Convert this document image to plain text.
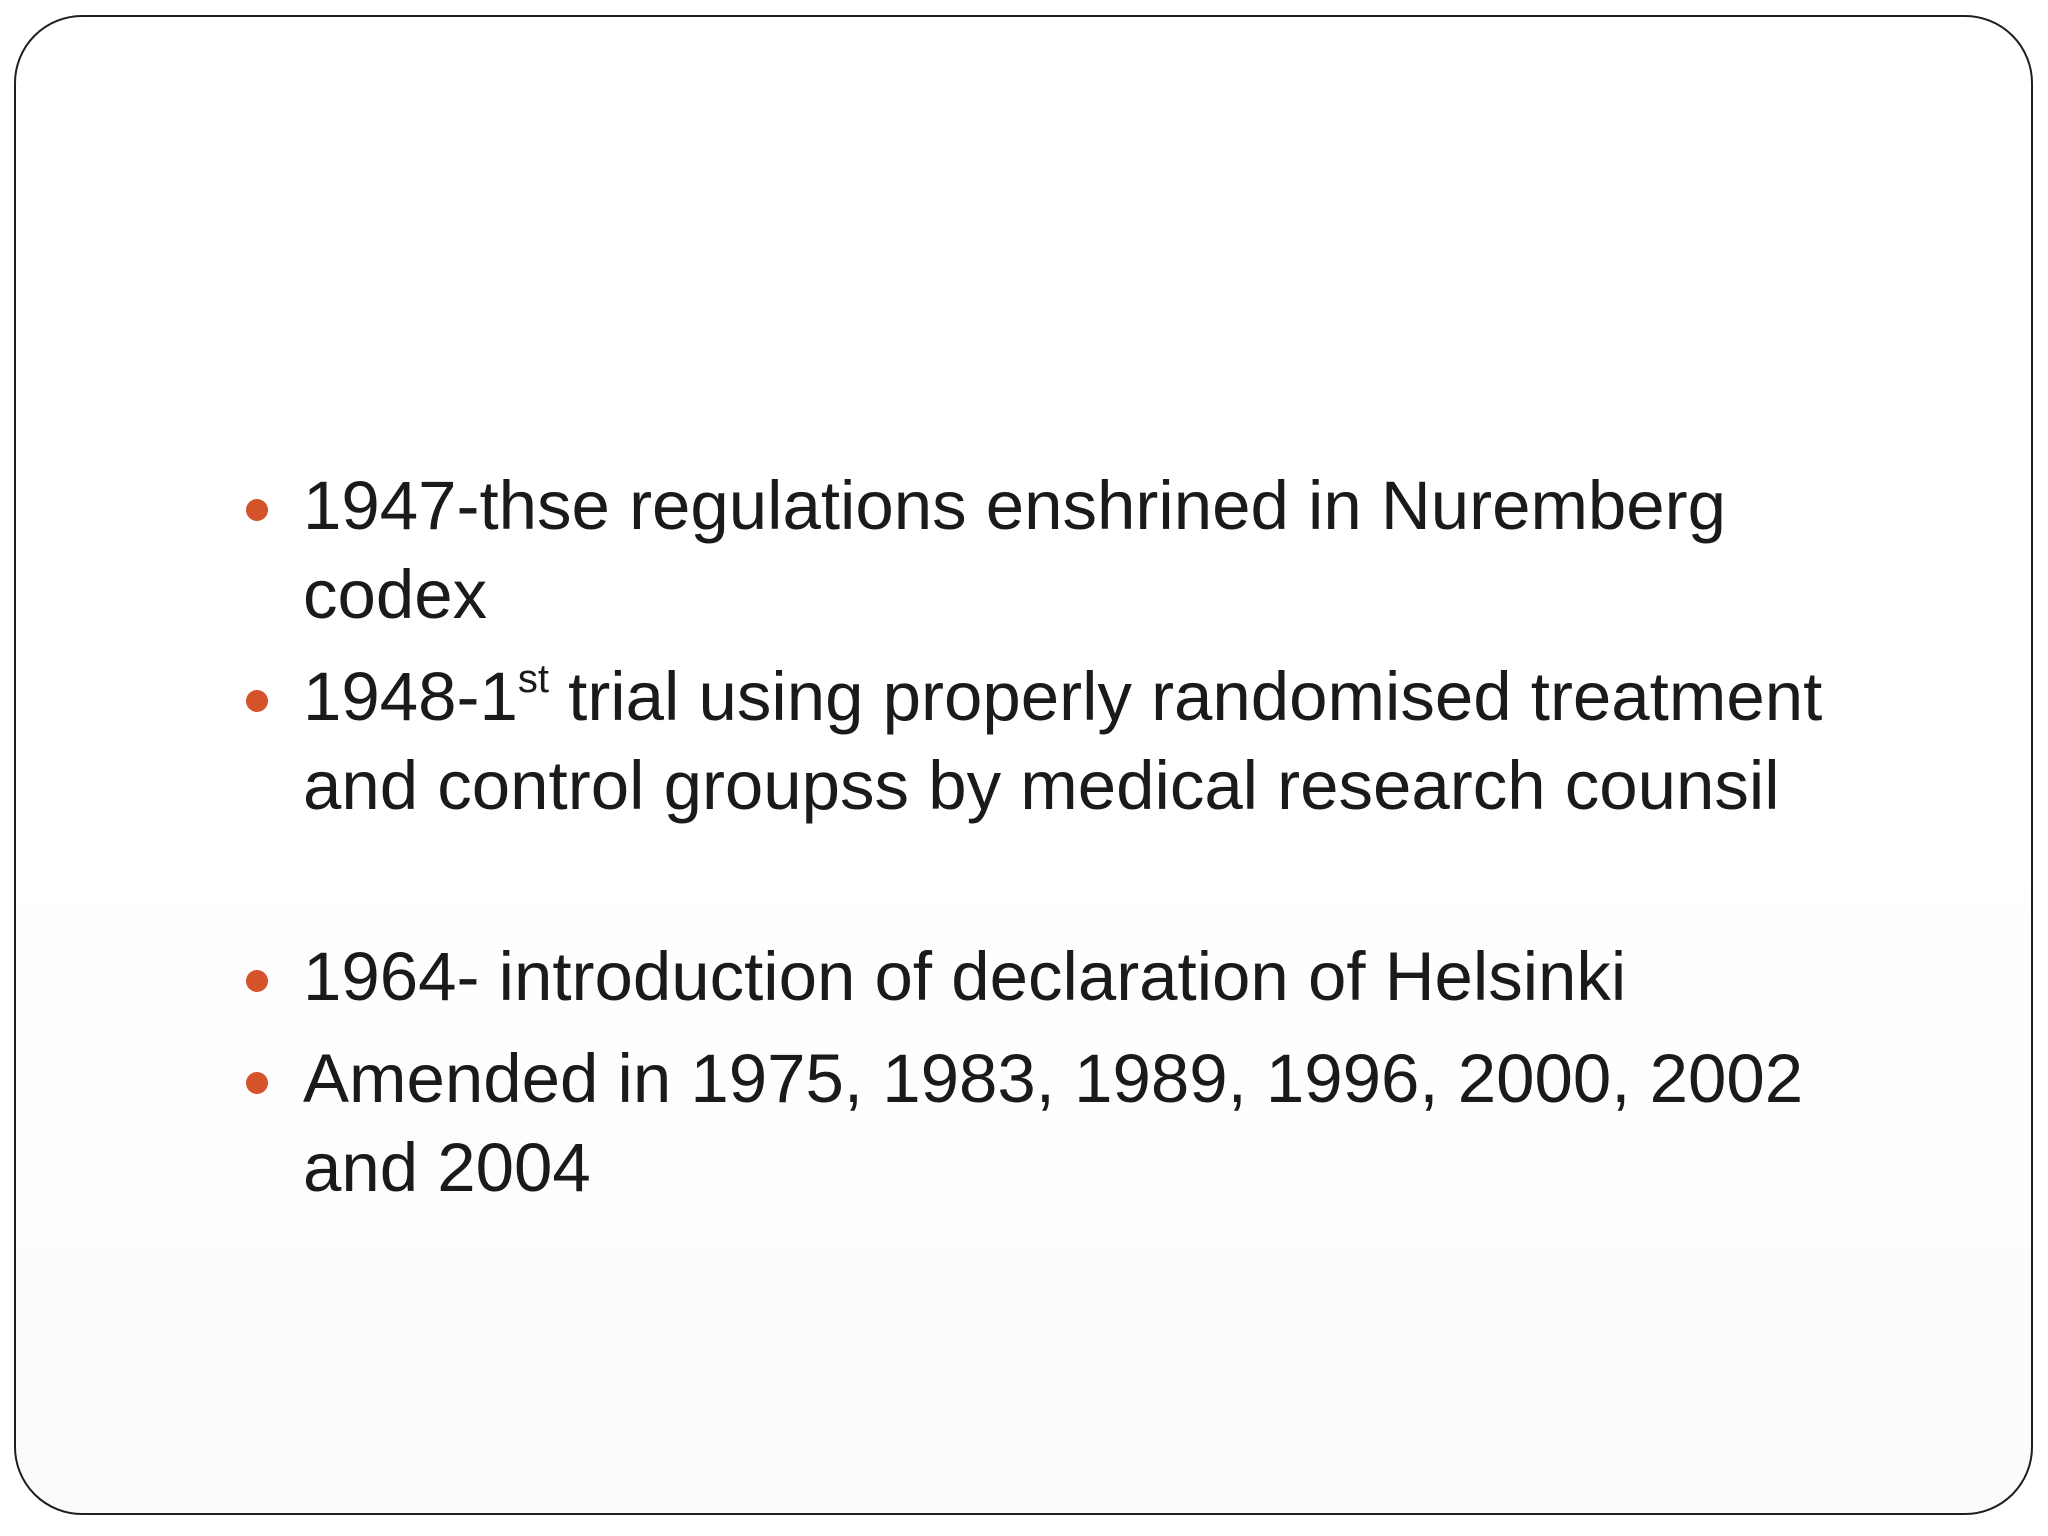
1947-thse regulations enshrined in Nuremberg
codex
1948-1st trial using properly randomised treatment
and control groupss by medical research counsil
1964- introduction of declaration of Helsinki
Amended in 1975, 1983, 1989, 1996, 2000, 2002
and 2004
